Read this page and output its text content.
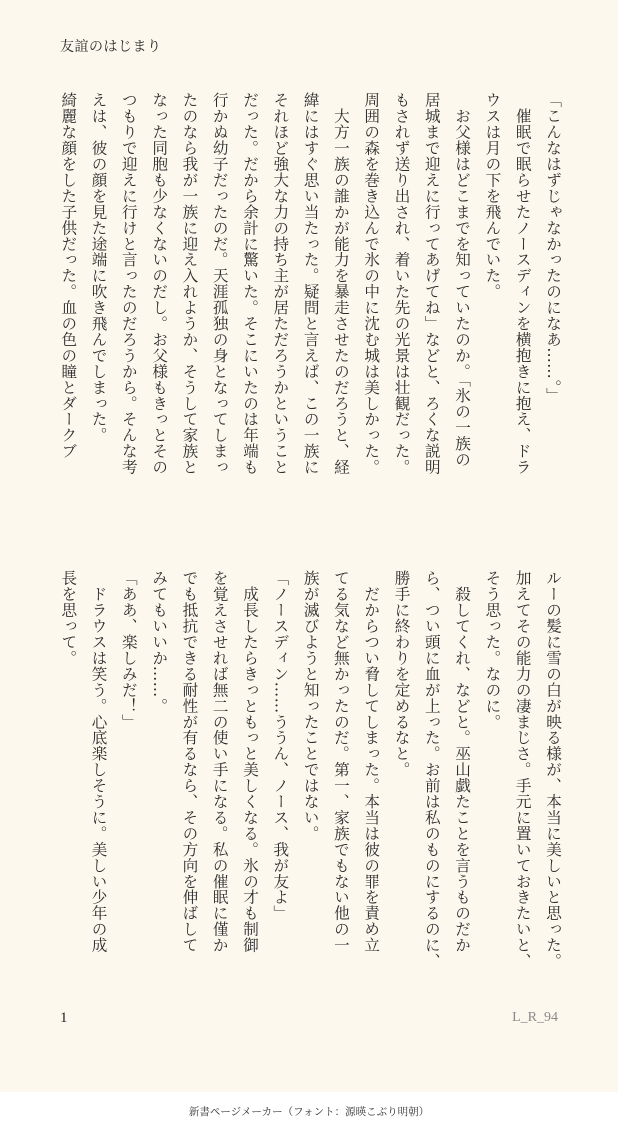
友誼のはじまり
「こんなはずじゃなかったのになあ……。」
　催眠で眠らせたノースディンを横抱きに抱え、ドラ
ウスは月の下を飛んでいた。
　お父様はどこまでを知っていたのか。「氷の一族の
居城まで迎えに行ってあげてね」などと、ろくな説明
もされず送り出され、着いた先の光景は壮観だった。
周囲の森を巻き込んで氷の中に沈む城は美しかった。
　大方一族の誰かが能力を暴走させたのだろうと、経
緯にはすぐ思い当たった。疑問と言えば、この一族に
それほど強大な力の持ち主が居ただろうかということ
だった。だから余計に驚いた。そこにいたのは年端も
行かぬ幼子だったのだ。天涯孤独の身となってしまっ
たのなら我が一族に迎え入れようか、そうして家族と
なった同胞も少なくないのだし。お父様もきっとその
つもりで迎えに行けと言ったのだろうから。そんな考
えは、彼の顔を見た途端に吹き飛んでしまった。
綺麗な顔をした子供だった。血の色の瞳とダークブ
ルーの髪に雪の白が映る様が、本当に美しいと思った。
加えてその能力の凄まじさ。手元に置いておきたいと、
そう思った。なのに。
　殺してくれ、などと。巫山戯たことを言うものだか
ら、つい頭に血が上った。お前は私のものにするのに、
勝手に終わりを定めるなと。
　だからつい脅してしまった。本当は彼の罪を責め立
てる気など無かったのだ。第一、家族でもない他の一
族が滅びようと知ったことではない。
「ノースディン……ううん、ノース、我が友よ」
　成長したらきっともっと美しくなる。氷の才も制御
を覚えさせれば無二の使い手になる。私の催眠に僅か
でも抵抗できる耐性が有るなら、その方向を伸ばして
みてもいいか……。
「ああ、楽しみだ！」
　ドラウスは笑う。心底楽しそうに。美しい少年の成
長を思って。
1	L_R_94
新書ページメーカー（フォント：源暎こぶり明朝）
